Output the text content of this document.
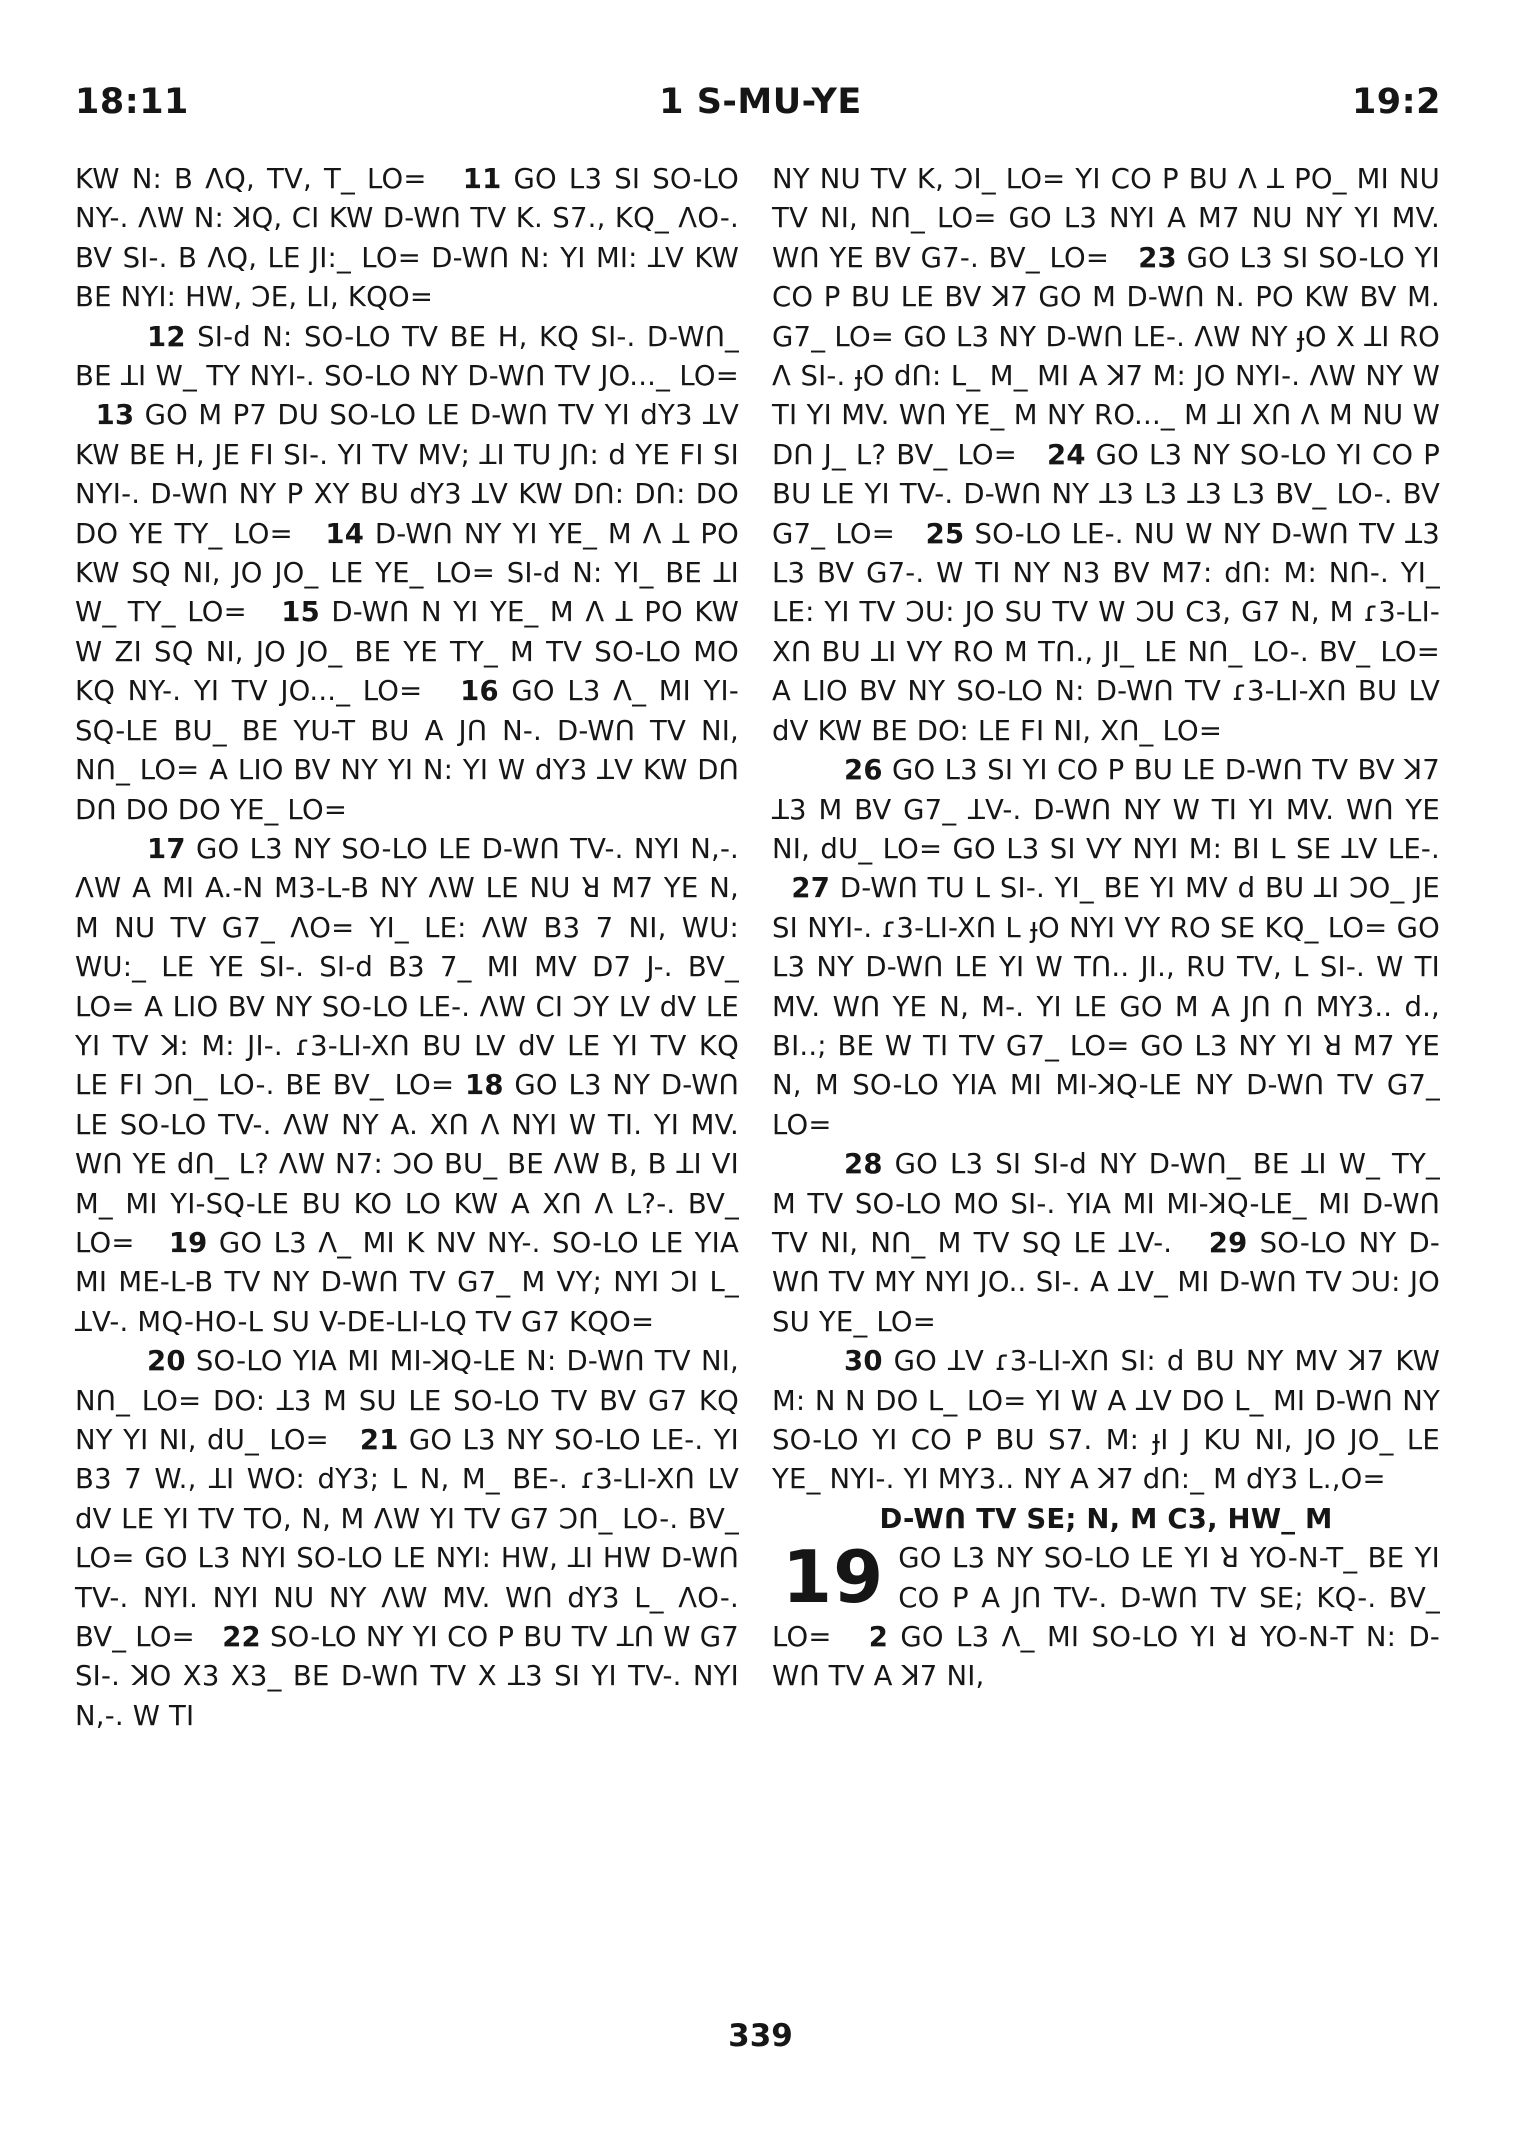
18:11	1 S-MU-YE	19:2

KW N: B ɅQ, TV, T_ LO= 11 GO L3 SI SO-LO NY-. ɅW N: ꓘQ, CI KW D-Wꓵ TV K. S7., KQ_ ɅO-. BV SI-. B ɅQ, LE JI:_ LO= D-Wꓵ N: YI MI: ꓕV KW BE NYI: HW, ƆE, LI, KQO=

12 SI-d N: SO-LO TV BE H, KQ SI-. D-Wꓵ_ BE ꓕI W_ TY NYI-. SO-LO NY D-Wꓵ TV JO..._ LO=   13 GO M P7 DU SO-LO LE D-Wꓵ TV YI dY3 ꓕV KW BE H, JE FI SI-. YI TV MV; ꓕI TU Jꓵ: d YE FI SI NYI-. D-Wꓵ NY P XY BU dY3 ꓕV KW Dꓵ: Dꓵ: DO DO YE TY_ LO= 14 D-Wꓵ NY YI YE_ M Ʌ ꓕ PO KW SQ NI, JO JO_ LE YE_ LO= SI-d N: YI_ BE ꓕI W_ TY_ LO= 15 D-Wꓵ N YI YE_ M Ʌ ꓕ PO KW W ZI SQ NI, JO JO_ BE YE TY_ M TV SO-LO MO KQ NY-. YI TV JO..._ LO= 16 GO L3 Ʌ_ MI YI-SQ-LE BU_ BE YU-T BU A Jꓵ N-. D-Wꓵ TV NI, Nꓵ_ LO= A LIO BV NY YI N: YI W dY3 ꓕV KW Dꓵ Dꓵ DO DO YE_ LO=

17 GO L3 NY SO-LO LE D-Wꓵ TV-. NYI N,-. ɅW A MI A.-N M3-L-B NY ɅW LE NU ꓤ M7 YE N, M NU TV G7_ ɅO= YI_ LE: ɅW B3 7 NI, WU: WU:_ LE YE SI-. SI-d B3 7_ MI MV D7 J-. BV_ LO= A LIO BV NY SO-LO LE-. ɅW CI ƆY LV dV LE YI TV ꓘ: M: JI-. ɾ3-LI-Xꓵ BU LV dV LE YI TV KQ LE FI Ɔꓵ_ LO-. BE BV_ LO= 18 GO L3 NY D-Wꓵ LE SO-LO TV-. ɅW NY A. Xꓵ Ʌ NYI W TI. YI MV. Wꓵ YE dꓵ_ L? ɅW N7: ƆO BU_ BE ɅW B, B ꓕI VI M_ MI YI-SQ-LE BU KO LO KW A Xꓵ Ʌ L?-. BV_ LO= 19 GO L3 Ʌ_ MI K NV NY-. SO-LO LE YIA MI ME-L-B TV NY D-Wꓵ TV G7_ M VY; NYI ƆI L_ ꓕV-. MQ-HO-L SU V-DE-LI-LQ TV G7 KQO=

20 SO-LO YIA MI MI-ꓘQ-LE N: D-Wꓵ TV NI, Nꓵ_ LO= DO: ꓕ3 M SU LE SO-LO TV BV G7 KQ NY YI NI, dU_ LO= 21 GO L3 NY SO-LO LE-. YI B3 7 W., ꓕI WO: dY3; L N, M_ BE-. ɾ3-LI-Xꓵ LV dV LE YI TV TO, N, M ɅW YI TV G7 Ɔꓵ_ LO-. BV_ LO= GO L3 NYI SO-LO LE NYI: HW, ꓕI HW D-Wꓵ TV-. NYI. NYI NU NY ɅW MV. Wꓵ dY3 L_ ɅO-. BV_ LO= 22 SO-LO NY YI CO P BU TV ꓕꓵ W G7 SI-. ꓘO X3 X3_ BE D-Wꓵ TV X ꓕ3 SI YI TV-. NYI N,-. W TI

NY NU TV K, ƆI_ LO= YI CO P BU Ʌ ꓕ PO_ MI NU TV NI, Nꓵ_ LO= GO L3 NYI A M7 NU NY YI MV. Wꓵ YE BV G7-. BV_ LO= 23 GO L3 SI SO-LO YI CO P BU LE BV ꓘ7 GO M D-Wꓵ N. PO KW BV M. G7_ LO= GO L3 NY D-Wꓵ LE-. ɅW NY ɟO X ꓕI RO Ʌ SI-. ɟO dꓵ: L_ M_ MI A ꓘ7 M: JO NYI-. ɅW NY W TI YI MV. Wꓵ YE_ M NY RO..._ M ꓕI Xꓵ Ʌ M NU W Dꓵ J_ L? BV_ LO= 24 GO L3 NY SO-LO YI CO P BU LE YI TV-. D-Wꓵ NY ꓕ3 L3 ꓕ3 L3 BV_ LO-. BV G7_ LO= 25 SO-LO LE-. NU W NY D-Wꓵ TV ꓕ3 L3 BV G7-. W TI NY N3 BV M7: dꓵ: M: Nꓵ-. YI_ LE: YI TV ƆU: JO SU TV W ƆU C3, G7 N, M ɾ3-LI-Xꓵ BU ꓕI VY RO M Tꓵ., JI_ LE Nꓵ_ LO-. BV_ LO= A LIO BV NY SO-LO N: D-Wꓵ TV ɾ3-LI-Xꓵ BU LV dV KW BE DO: LE FI NI, Xꓵ_ LO=

26 GO L3 SI YI CO P BU LE D-Wꓵ TV BV ꓘ7 ꓕ3 M BV G7_ ꓕV-. D-Wꓵ NY W TI YI MV. Wꓵ YE NI, dU_ LO= GO L3 SI VY NYI M: BI L SE ꓕV LE-.   27 D-Wꓵ TU L SI-. YI_ BE YI MV d BU ꓕI ƆO_ JE SI NYI-. ɾ3-LI-Xꓵ L ɟO NYI VY RO SE KQ_ LO= GO L3 NY D-Wꓵ LE YI W Tꓵ.. JI., RU TV, L SI-. W TI MV. Wꓵ YE N, M-. YI LE GO M A Jꓵ ꓵ MY3.. d., BI..; BE W TI TV G7_ LO= GO L3 NY YI ꓤ M7 YE N, M SO-LO YIA MI MI-ꓘQ-LE NY D-Wꓵ TV G7_ LO=

28 GO L3 SI SI-d NY D-Wꓵ_ BE ꓕI W_ TY_ M TV SO-LO MO SI-. YIA MI MI-ꓘQ-LE_ MI D-Wꓵ TV NI, Nꓵ_ M TV SQ LE ꓕV-. 29 SO-LO NY D-Wꓵ TV MY NYI JO.. SI-. A ꓕV_ MI D-Wꓵ TV ƆU: JO SU YE_ LO=

30 GO ꓕV ɾ3-LI-Xꓵ SI: d BU NY MV ꓘ7 KW M: N N DO L_ LO= YI W A ꓕV DO L_ MI D-Wꓵ NY SO-LO YI CO P BU S7. M: ɟI J KU NI, JO JO_ LE YE_ NYI-. YI MY3.. NY A ꓘ7 dꓵ:_ M dY3 L.,O=

D-Wꓵ TV SE; N, M C3, HW_ M

19 GO L3 NY SO-LO LE YI ꓤ YO-N-T_ BE YI CO P A Jꓵ TV-. D-Wꓵ TV SE; KQ-. BV_ LO= 2 GO L3 Ʌ_ MI SO-LO YI ꓤ YO-N-T N: D-Wꓵ TV A ꓘ7 NI,
339
